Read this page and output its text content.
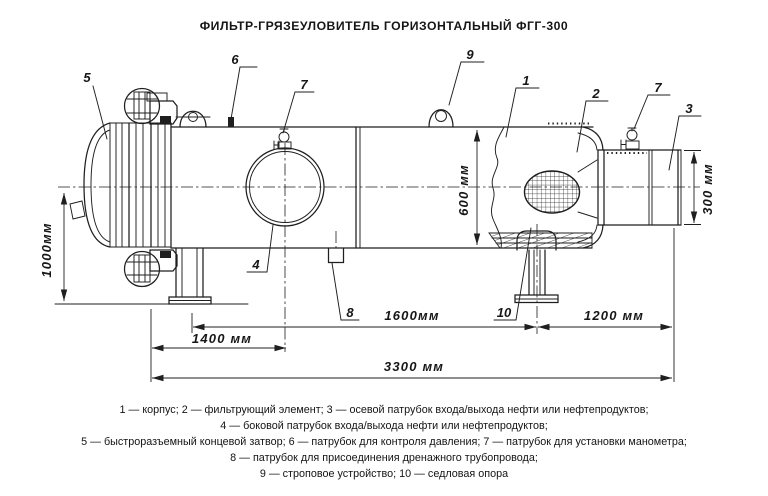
ФИЛЬТР-ГРЯЗЕУЛОВИТЕЛЬ ГОРИЗОНТАЛЬНЫЙ ФГГ-300
1000мм
600 мм	300 мм
1400 мм
1600мм	1200 мм
3300 мм
5
6
7
9
1
2	7
3
4
8	10
1 — корпус; 2 — фильтрующий элемент; 3 — осевой патрубок входа/выхода нефти или нефтепродуктов;
4 — боковой патрубок входа/выхода нефти или нефтепродуктов;
5 — быстроразъемный концевой затвор; 6 — патрубок для контроля давления; 7 — патрубок для установки манометра;
8 — патрубок для присоединения дренажного трубопровода;
9 — строповое устройство; 10 — седловая опора
